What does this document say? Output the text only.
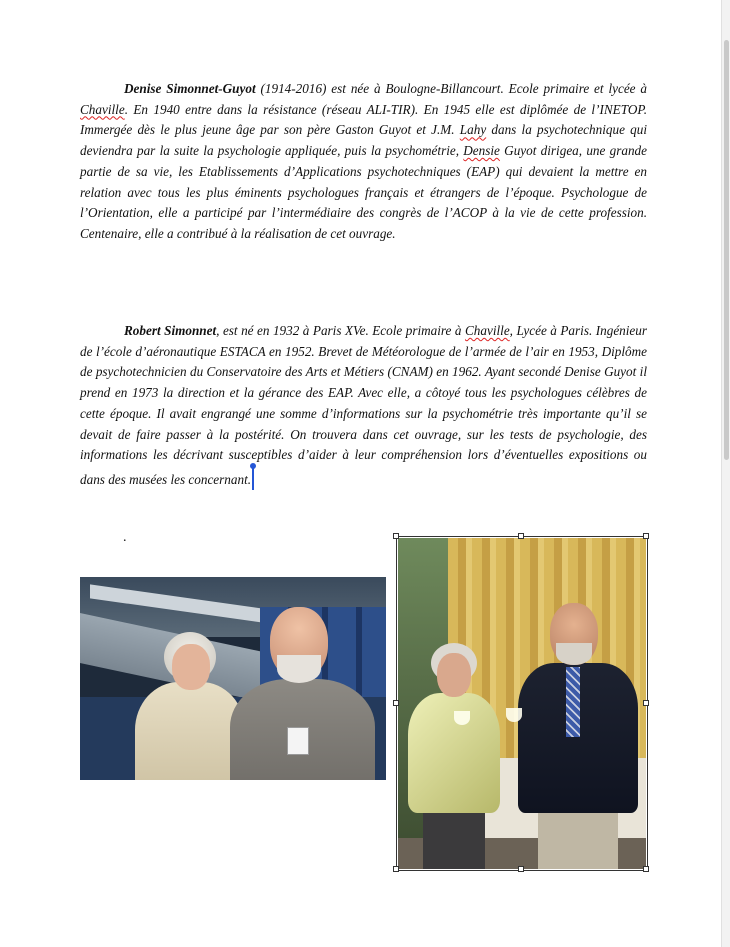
Denise Simonnet-Guyot (1914-2016) est née à Boulogne-Billancourt. Ecole primaire et lycée à Chaville. En 1940 entre dans la résistance (réseau ALI-TIR). En 1945 elle est diplômée de l’INETOP. Immergée dès le plus jeune âge par son père Gaston Guyot et J.M. Lahy dans la psychotechnique qui deviendra par la suite la psychologie appliquée, puis la psychométrie, Densie Guyot dirigea, une grande partie de sa vie, les Etablissements d’Applications psychotechniques (EAP) qui devaient la mettre en relation avec tous les plus éminents psychologues français et étrangers de l’époque. Psychologue de l’Orientation, elle a participé par l’intermédiaire des congrès de l’ACOP à la vie de cette profession. Centenaire, elle a contribué à la réalisation de cet ouvrage.

Robert Simonnet, est né en 1932 à Paris XVe. Ecole primaire à Chaville, Lycée à Paris. Ingénieur de l’école d’aéronautique ESTACA en 1952. Brevet de Météorologue de l’armée de l’air en 1953, Diplôme de psychotechnicien du Conservatoire des Arts et Métiers (CNAM) en 1962. Ayant secondé Denise Guyot il prend en 1973 la direction et la gérance des EAP. Avec elle, a côtoyé tous les psychologues célèbres de cette époque. Il avait engrangé une somme d’informations sur la psychométrie très importante qu’il se devait de faire passer à la postérité. On trouvera dans cet ouvrage, sur les tests de psychologie, des informations les décrivant susceptibles d’aider à leur compréhension lors d’éventuelles expositions ou dans des musées les concernant.

.
